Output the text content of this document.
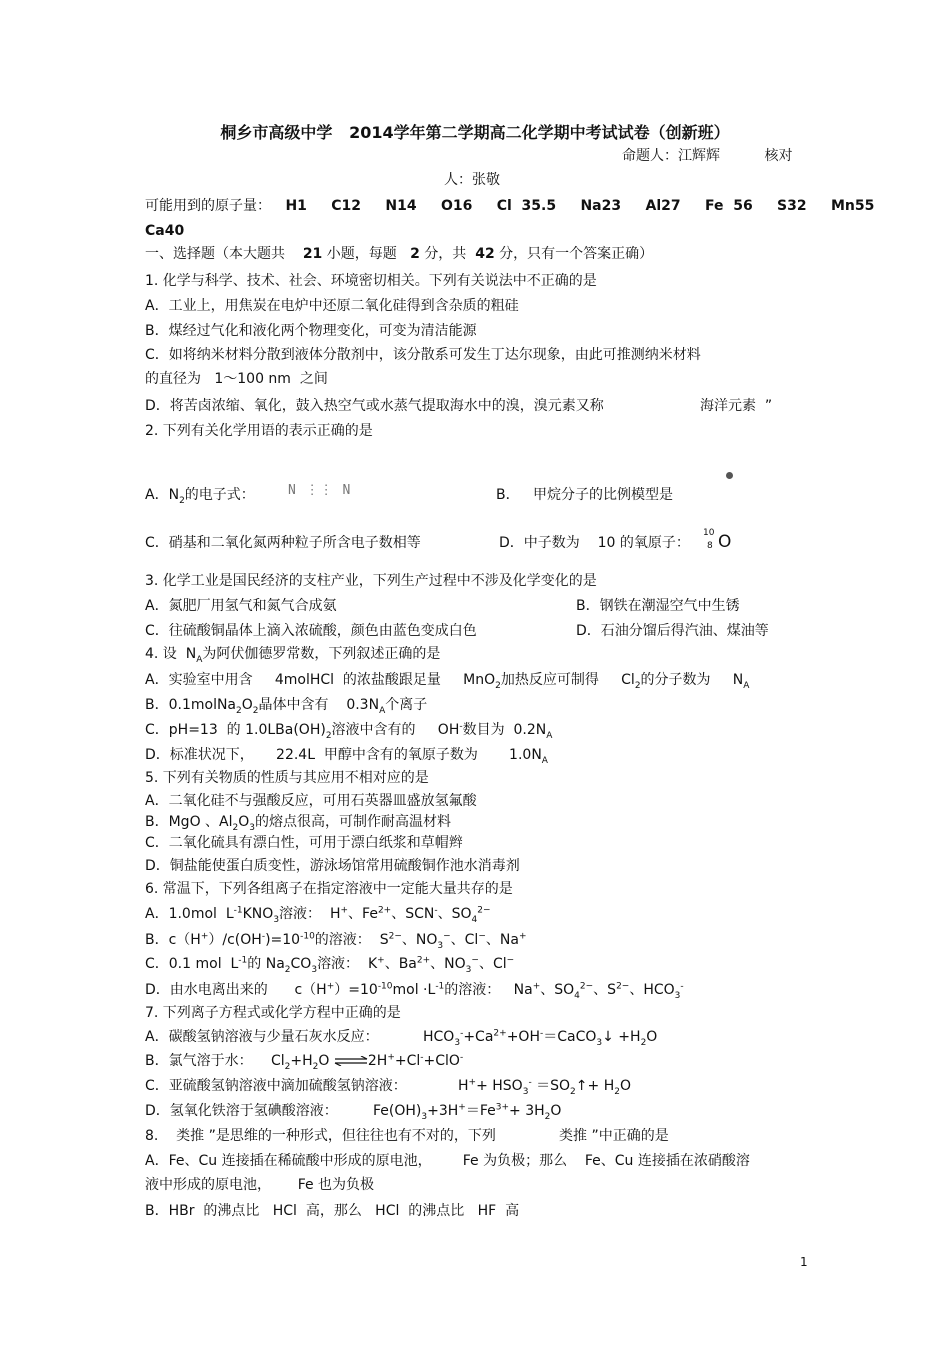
桐乡市高级中学 2014学年第二学期高二化学期中考试试卷（创新班）
命题人：江辉辉          核对
人：张敬
可能用到的原子量： H1     C12     N14     O16     Cl  35.5     Na23     Al27     Fe  56     S32     Mn55
Ca40
一、选择题（本大题共 21 小题，每题 2 分，共 42 分，只有一个答案正确）
1. 化学与科学、技术、社会、环境密切相关。下列有关说法中不正确的是
A．工业上，用焦炭在电炉中还原二氧化硅得到含杂质的粗硅
B．煤经过气化和液化两个物理变化，可变为清洁能源
C．如将纳米材料分散到液体分散剂中，该分散系可发生丁达尔现象，由此可推测纳米材料
的直径为   1～100 nm  之间
D．将苦卤浓缩、氧化，鼓入热空气或水蒸气提取海水中的溴，溴元素又称	海洋元素  ”
2. 下列有关化学用语的表示正确的是
A．$N_2$的电子式：	N ⋮⋮ N	B．   甲烷分子的比例模型是
C．硝基和二氧化氮两种粒子所含电子数相等	D．中子数为    10 的氧原子：
10
8 O
3. 化学工业是国民经济的支柱产业，下列生产过程中不涉及化学变化的是
A．氮肥厂用氢气和氮气合成氨	B．钢铁在潮湿空气中生锈
C．往硫酸铜晶体上滴入浓硫酸，颜色由蓝色变成白色	D．石油分馏后得汽油、煤油等
4. 设  $N_A$为阿伏伽德罗常数，下列叙述正确的是
A．实验室中用含     4molHCl  的浓盐酸跟足量     MnO$_2$加热反应可制得     $Cl_2$的分子数为     $N_A$
B．$0.1molNa_2O_2$晶体中含有    $0.3N_A$个离子
C．pH=13  的 $1.0LBa(OH)_2$溶液中含有的     OH-数目为  $0.2N_A$
D．标准状况下，     22.4L  甲醇中含有的氧原子数为       $1.0N_A$
5. 下列有关物质的性质与其应用不相对应的是
A．二氧化硅不与强酸反应，可用石英器皿盛放氢氟酸
B．MgO 、$Al_2O_3$的熔点很高，可制作耐高温材料
C．二氧化硫具有漂白性，可用于漂白纸浆和草帽辫
D．铜盐能使蛋白质变性，游泳场馆常用硫酸铜作池水消毒剂
6. 常温下，下列各组离子在指定溶液中一定能大量共存的是
A．1.0mol  $L^{-1}KNO_3$溶液：  H+、$Fe^{2+}$、SCN-、$SO_4^{2-}$
B．$c(H^+)/c(OH^-)=10^{-10}$的溶液：  $S^{2-}$、$NO_3^-$、Cl−、Na+
C．0.1 mol  $L^{-1}$的 $Na_2CO_3$溶液：  K+、$Ba^{2+}$、$NO_3^-$、Cl−
D．由水电离出来的      $c(H^+)=10^{-10}mol \cdot L^{-1}$的溶液：   Na+、$SO_4^{2-}$、$S^{2-}$、$HCO_3^-$
7. 下列离子方程式或化学方程中正确的是
A．碳酸氢钠溶液与少量石灰水反应：	$HCO_3^-+Ca^{2+}+OH^-=CaCO_3↓ +H_2O$
B．氯气溶于水： $Cl_2+H_2O$ ⇌2H++Cl-+ClO-
C．亚硫酸氢钠溶液中滴加硫酸氢钠溶液：	$H^++ HSO_3^-$ $=SO_2↑+ H_2O$
D．氢氧化铁溶于氢碘酸溶液：	$Fe(OH)_3+3H^+=Fe^{3+}+ 3H_2O$
8.    类推 ”是思维的一种形式，但往往也有不对的，下列	类推 ”中正确的是
A．Fe、Cu 连接插在稀硫酸中形成的原电池，       Fe 为负极；那么    Fe、Cu 连接插在浓硝酸溶
液中形成的原电池，      Fe 也为负极
B．HBr  的沸点比   HCl  高，那么   HCl  的沸点比   HF  高
1
